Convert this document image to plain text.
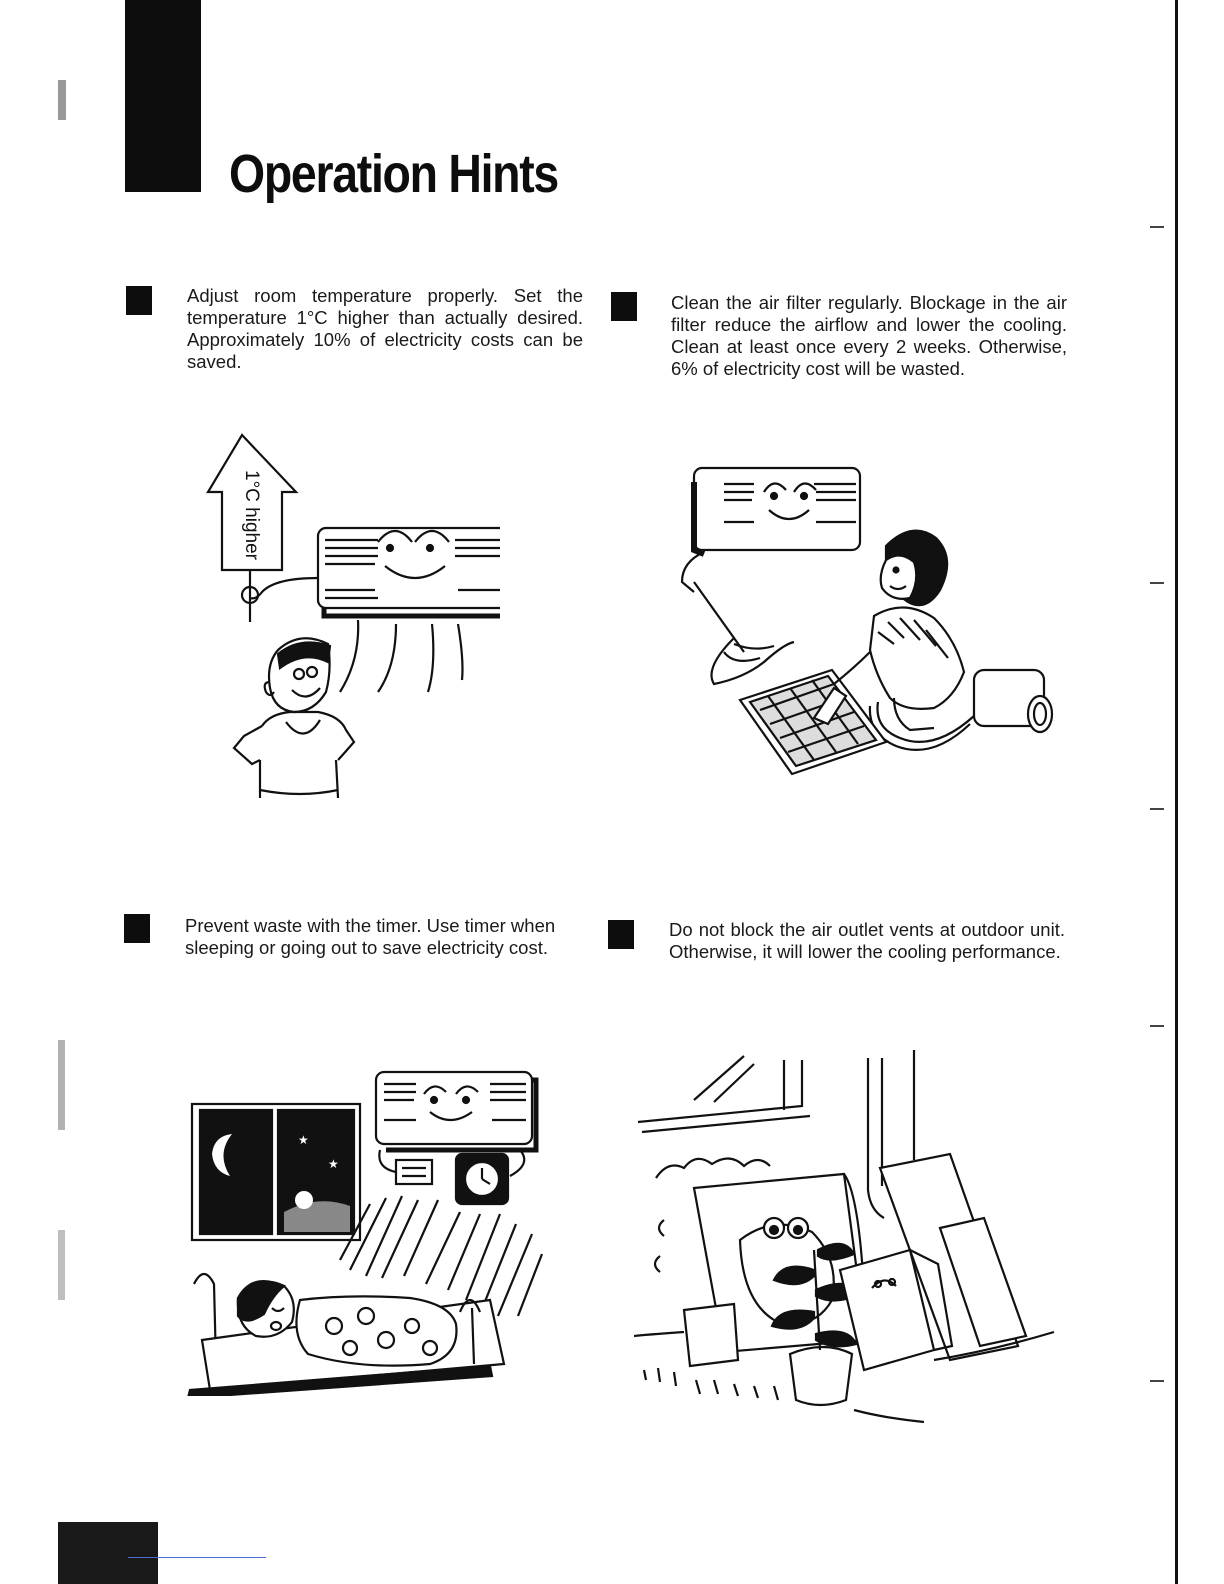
Operation Hints

Adjust room temperature properly. Set the temperature 1°C higher than actually desired. Approximately 10% of electricity costs can be saved.

1°C higher

Clean the air filter regularly. Blockage in the air filter reduce the airflow and lower the cooling. Clean at least once every 2 weeks. Otherwise, 6% of electricity cost will be wasted.

Prevent waste with the timer. Use timer when sleeping or going out to save electricity cost.

★
★

Do not block the air outlet vents at outdoor unit. Otherwise, it will lower the cooling performance.
